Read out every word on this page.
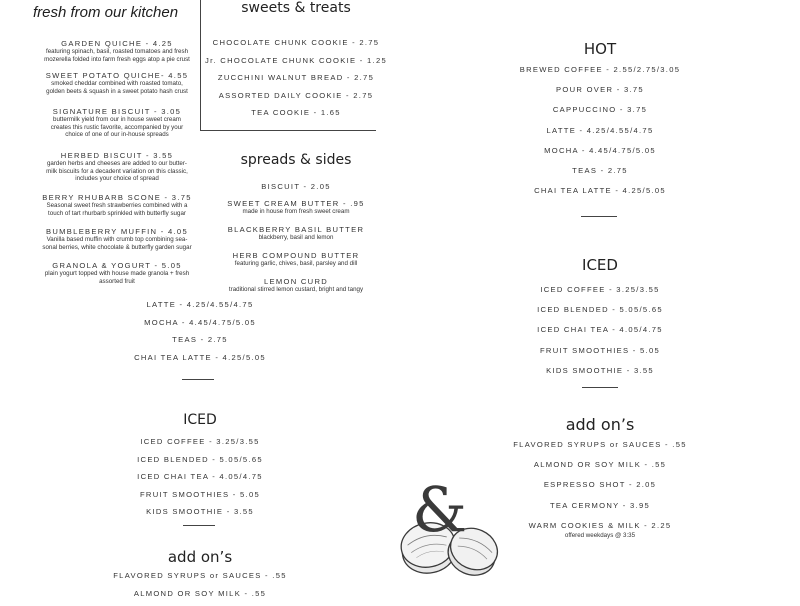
fresh from our kitchen
GARDEN QUICHE - 4.25
featuring spinach, basil, roasted tomatoes and fresh
mozerella folded into farm fresh eggs atop a pie crust
SWEET POTATO QUICHE- 4.55
smoked cheddar combined with roasted tomato,
golden beets & squash in a sweet potato hash crust
SIGNATURE BISCUIT - 3.05
buttermilk yield from our in house sweet cream
creates this rustic favorite, accompanied by your
choice of one of our in-house spreads
HERBED BISCUIT - 3.55
garden herbs and cheeses are added to our butter-
milk biscuits for a decadent variation on this classic,
includes your choice of spread
BERRY RHUBARB SCONE - 3.75
Seasonal sweet fresh strawberries combined with a
touch of tart rhurbarb sprinkled with butterfly sugar
BUMBLEBERRY MUFFIN - 4.05
Vanilla based muffin with crumb top combining sea-
sonal berries, white chocolate & butterfly garden sugar
GRANOLA & YOGURT - 5.05
plain yogurt topped with house made granola + fresh
assorted fruit
sweets & treats
CHOCOLATE CHUNK COOKIE - 2.75
Jr. CHOCOLATE CHUNK COOKIE - 1.25
ZUCCHINI WALNUT BREAD - 2.75
ASSORTED DAILY COOKIE - 2.75
TEA COOKIE - 1.65
spreads & sides
BISCUIT - 2.05
SWEET CREAM BUTTER - .95
made in house from fresh sweet cream
BLACKBERRY BASIL BUTTER
blackberry, basil and lemon
HERB COMPOUND BUTTER
featuring garlic, chives, basil, parsley and dill
LEMON CURD
traditional stirred lemon custard, bright and tangy
LATTE - 4.25/4.55/4.75
MOCHA - 4.45/4.75/5.05
TEAS - 2.75
CHAI TEA LATTE - 4.25/5.05
ICED
ICED COFFEE - 3.25/3.55
ICED BLENDED - 5.05/5.65
ICED CHAI TEA - 4.05/4.75
FRUIT SMOOTHIES - 5.05
KIDS SMOOTHIE - 3.55
add on’s
FLAVORED SYRUPS or SAUCES - .55
ALMOND OR SOY MILK - .55
HOT
BREWED COFFEE - 2.55/2.75/3.05
POUR OVER - 3.75
CAPPUCCINO - 3.75
LATTE - 4.25/4.55/4.75
MOCHA - 4.45/4.75/5.05
TEAS - 2.75
CHAI TEA LATTE - 4.25/5.05
ICED
ICED COFFEE - 3.25/3.55
ICED BLENDED - 5.05/5.65
ICED CHAI TEA - 4.05/4.75
FRUIT SMOOTHIES - 5.05
KIDS SMOOTHIE - 3.55
add on’s
FLAVORED SYRUPS or SAUCES - .55
ALMOND OR SOY MILK - .55
ESPRESSO SHOT - 2.05
TEA CERMONY - 3.95
WARM COOKIES & MILK - 2.25
offered weekdays @ 3:35
&
